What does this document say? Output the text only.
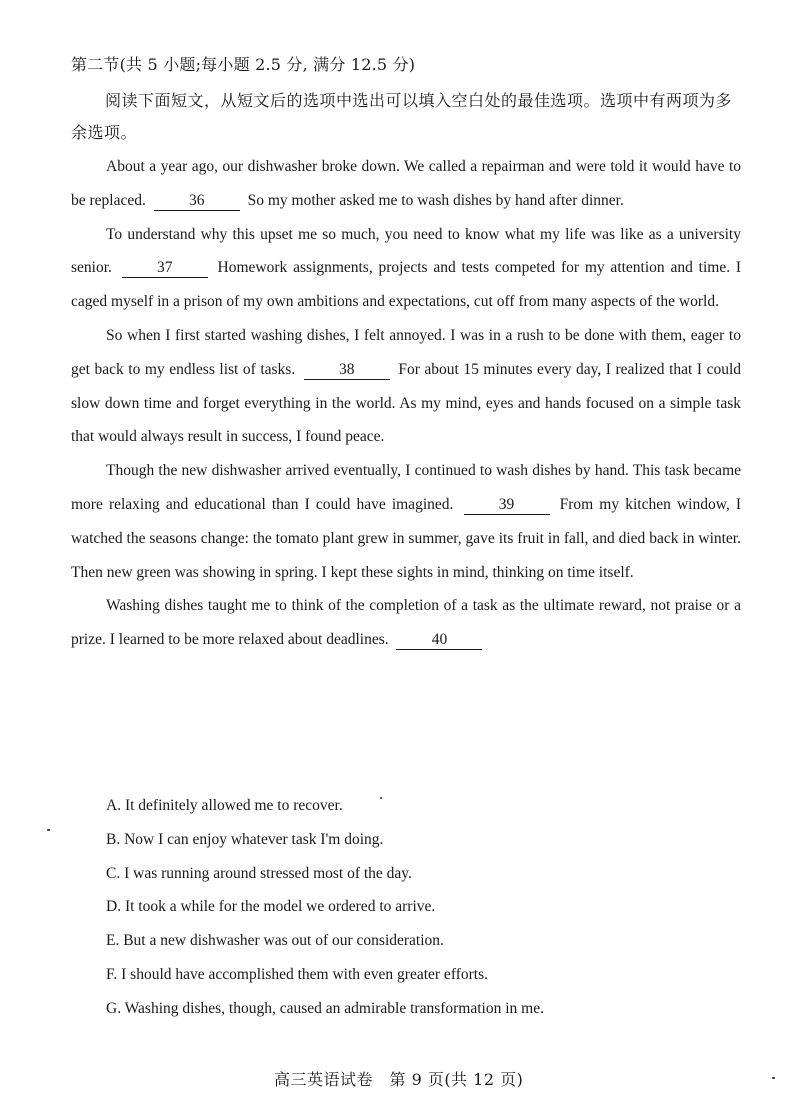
第二节(共 5 小题;每小题 2.5 分, 满分 12.5 分)
阅读下面短文，从短文后的选项中选出可以填入空白处的最佳选项。选项中有两项为多余选项。

About a year ago, our dishwasher broke down. We called a repairman and were told it would have to be replaced.	36	So my mother asked me to wash dishes by hand after dinner.

To understand why this upset me so much, you need to know what my life was like as a university senior.	37	Homework assignments, projects and tests competed for my attention and time. I caged myself in a prison of my own ambitions and expectations, cut off from many aspects of the world.

So when I first started washing dishes, I felt annoyed. I was in a rush to be done with them, eager to get back to my endless list of tasks.	38	For about 15 minutes every day, I realized that I could slow down time and forget everything in the world. As my mind, eyes and hands focused on a simple task that would always result in success, I found peace.

Though the new dishwasher arrived eventually, I continued to wash dishes by hand. This task became more relaxing and educational than I could have imagined.	39	From my kitchen window, I watched the seasons change: the tomato plant grew in summer, gave its fruit in fall, and died back in winter. Then new green was showing in spring. I kept these sights in mind, thinking on time itself.

Washing dishes taught me to think of the completion of a task as the ultimate reward, not praise or a prize. I learned to be more relaxed about deadlines.	40

A. It definitely allowed me to recover.
B. Now I can enjoy whatever task I'm doing.
C. I was running around stressed most of the day.
D. It took a while for the model we ordered to arrive.
E. But a new dishwasher was out of our consideration.
F. I should have accomplished them with even greater efforts.
G. Washing dishes, though, caused an admirable transformation in me.
高三英语试卷　第 9 页(共 12 页)
